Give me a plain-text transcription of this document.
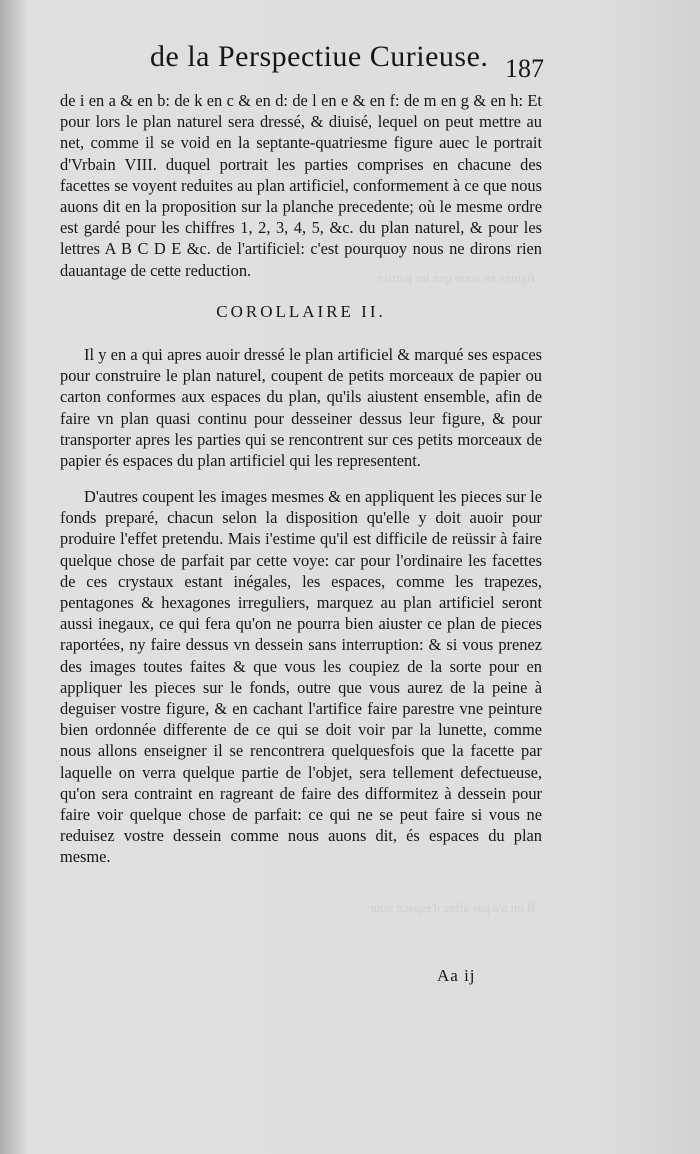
figures en sorte que les parties
Il ou n'a pas affez d'espace pour
de la Perspectiue Curieuse. 187

de i en a & en b: de k en c & en d: de l en e & en f: de m en g & en h: Et pour lors le plan naturel sera dressé, & diuisé, lequel on peut mettre au net, comme il se void en la septante-quatriesme figure auec le portrait d'Vrbain VIII. duquel portrait les parties comprises en chacune des facettes se voyent reduites au plan artificiel, conformement à ce que nous auons dit en la proposition sur la planche precedente; où le mesme ordre est gardé pour les chiffres 1, 2, 3, 4, 5, &c. du plan naturel, & pour les lettres A B C D E &c. de l'artificiel: c'est pourquoy nous ne dirons rien dauantage de cette reduction.

COROLLAIRE II.

Il y en a qui apres auoir dressé le plan artificiel & marqué ses espaces pour construire le plan naturel, coupent de petits morceaux de papier ou carton conformes aux espaces du plan, qu'ils aiustent ensemble, afin de faire vn plan quasi continu pour desseiner dessus leur figure, & pour transporter apres les parties qui se rencontrent sur ces petits morceaux de papier és espaces du plan artificiel qui les representent.

D'autres coupent les images mesmes & en appliquent les pieces sur le fonds preparé, chacun selon la disposition qu'elle y doit auoir pour produire l'effet pretendu. Mais i'estime qu'il est difficile de reüssir à faire quelque chose de parfait par cette voye: car pour l'ordinaire les facettes de ces crystaux estant inégales, les espaces, comme les trapezes, pentagones & hexagones irreguliers, marquez au plan artificiel seront aussi inegaux, ce qui fera qu'on ne pourra bien aiuster ce plan de pieces raportées, ny faire dessus vn dessein sans interruption: & si vous prenez des images toutes faites & que vous les coupiez de la sorte pour en appliquer les pieces sur le fonds, outre que vous aurez de la peine à deguiser vostre figure, & en cachant l'artifice faire parestre vne peinture bien ordonnée differente de ce qui se doit voir par la lunette, comme nous allons enseigner il se rencontrera quelquesfois que la facette par laquelle on verra quelque partie de l'objet, sera tellement defectueuse, qu'on sera contraint en ragreant de faire des difformitez à dessein pour faire voir quelque chose de parfait: ce qui ne se peut faire si vous ne reduisez vostre dessein comme nous auons dit, és espaces du plan mesme.

Aa ij
